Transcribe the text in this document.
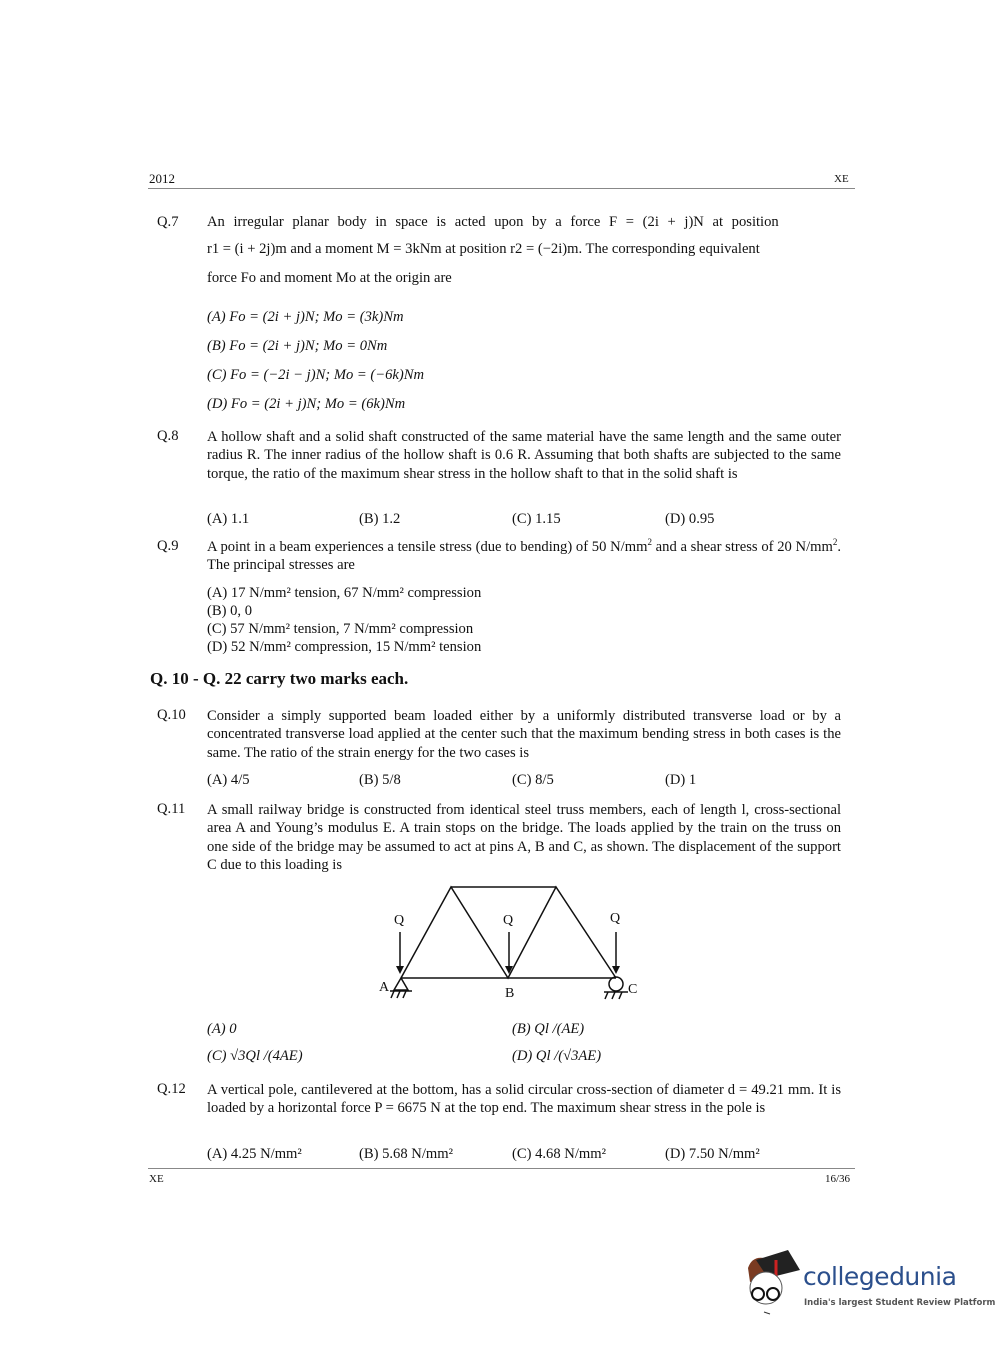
2012	XE
Q.7 An irregular planar body in space is acted upon by a force F = (2i + j)N at position
r1 = (i + 2j)m and a moment M = 3kNm at position r2 = (−2i)m. The corresponding equivalent
force Fo and moment Mo at the origin are
(A) Fo = (2i + j)N; Mo = (3k)Nm
(B) Fo = (2i + j)N; Mo = 0Nm
(C) Fo = (−2i − j)N; Mo = (−6k)Nm
(D) Fo = (2i + j)N; Mo = (6k)Nm
Q.8 A hollow shaft and a solid shaft constructed of the same material have the same length and the same outer radius R. The inner radius of the hollow shaft is 0.6 R. Assuming that both shafts are subjected to the same torque, the ratio of the maximum shear stress in the hollow shaft to that in the solid shaft is
(A) 1.1	(B) 1.2	(C) 1.15	(D) 0.95
Q.9 A point in a beam experiences a tensile stress (due to bending) of 50 $N/mm^2$ and a shear stress of 20 $N/mm^2$. The principal stresses are
(A) 17 N/mm² tension, 67 N/mm² compression
(B) 0, 0
(C) 57 N/mm² tension, 7 N/mm² compression
(D) 52 N/mm² compression, 15 N/mm² tension
Q. 10 - Q. 22 carry two marks each.
Q.10 Consider a simply supported beam loaded either by a uniformly distributed transverse load or by a concentrated transverse load applied at the center such that the maximum bending stress in both cases is the same. The ratio of the strain energy for the two cases is
(A) 4/5	(B) 5/8	(C) 8/5	(D) 1
Q.11 A small railway bridge is constructed from identical steel truss members, each of length l, cross-sectional area A and Young’s modulus E. A train stops on the bridge. The loads applied by the train on the truss on one side of the bridge may be assumed to act at pins A, B and C, as shown. The displacement of the support C due to this loading is
Q	Q	Q
A	B	C
(A) 0	(B) Ql /(AE)
(C) √3Ql /(4AE)	(D) Ql /(√3AE)
Q.12 A vertical pole, cantilevered at the bottom, has a solid circular cross-section of diameter d = 49.21 mm. It is loaded by a horizontal force P = 6675 N at the top end. The maximum shear stress in the pole is
(A) 4.25 N/mm²	(B) 5.68 N/mm²	(C) 4.68 N/mm²	(D) 7.50 N/mm²
XE	16/36
collegedunia
India's largest Student Review Platform
